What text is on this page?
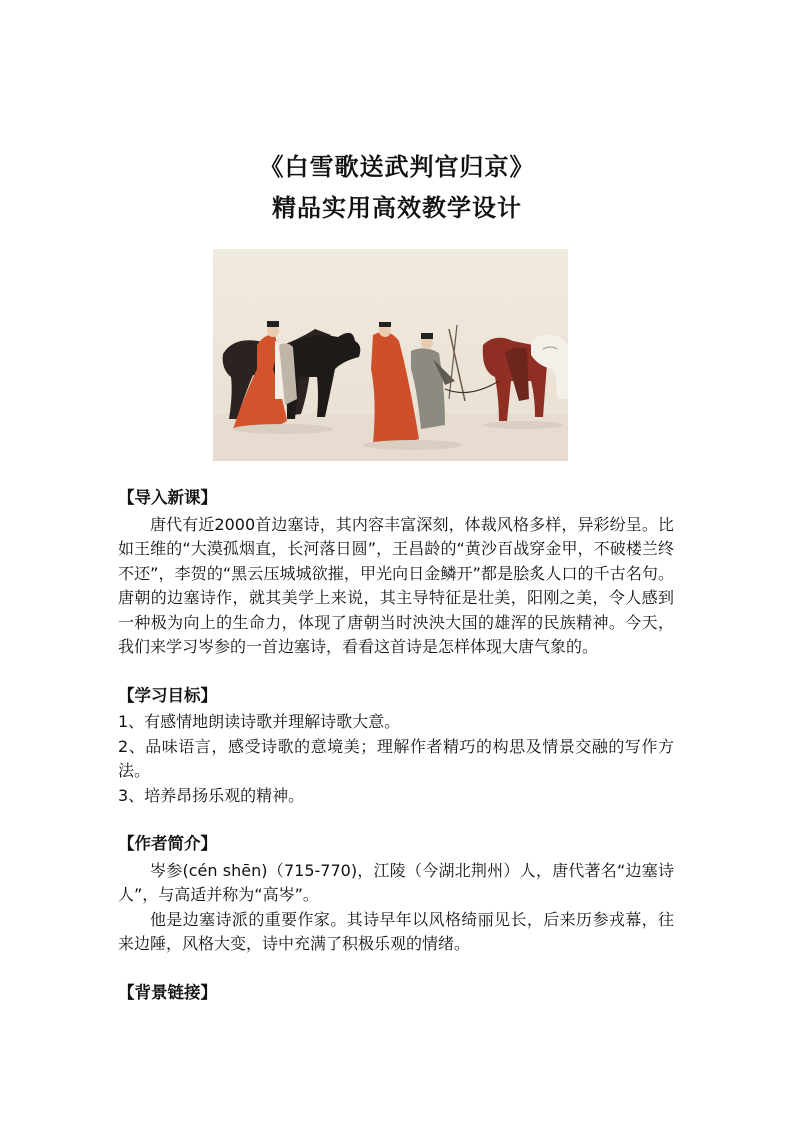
《白雪歌送武判官归京》
精品实用高效教学设计
【导入新课】

唐代有近2000首边塞诗，其内容丰富深刻，体裁风格多样，异彩纷呈。比如王维的“大漠孤烟直，长河落日圆”，王昌龄的“黄沙百战穿金甲，不破楼兰终不还”，李贺的“黑云压城城欲摧，甲光向日金鳞开”都是脍炙人口的千古名句。唐朝的边塞诗作，就其美学上来说，其主导特征是壮美，阳刚之美，令人感到一种极为向上的生命力，体现了唐朝当时泱泱大国的雄浑的民族精神。今天，我们来学习岑参的一首边塞诗，看看这首诗是怎样体现大唐气象的。

【学习目标】

1、有感情地朗读诗歌并理解诗歌大意。

2、品味语言，感受诗歌的意境美；理解作者精巧的构思及情景交融的写作方法。

3、培养昂扬乐观的精神。

【作者简介】

岑参(cén shēn)（715-770)，江陵（今湖北荆州）人，唐代著名“边塞诗人”，与高适并称为“高岑”。

他是边塞诗派的重要作家。其诗早年以风格绮丽见长，后来历参戎幕，往来边陲，风格大变，诗中充满了积极乐观的情绪。

【背景链接】
